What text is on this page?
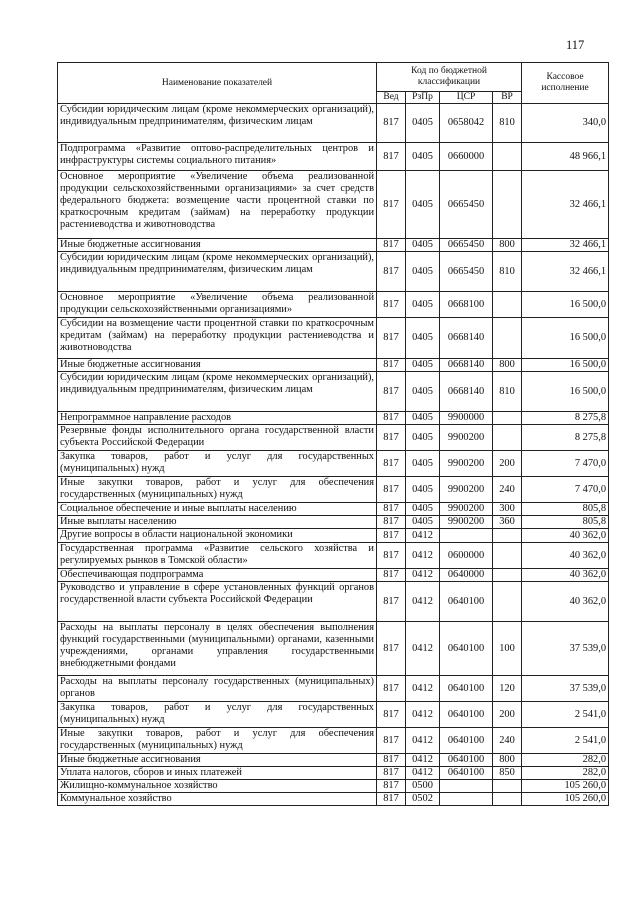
117
Наименование показателей	Код по бюджетной классификации				Кассовое исполнение
	Вед	РзПр	ЦСР	ВР	
Субсидии юридическим лицам (кроме некоммерческих организаций), индивидуальным предпринимателям, физическим лицам	817	0405	0658042	810	340,0
Подпрограмма «Развитие оптово-распределительных центров и инфраструктуры системы социального питания»	817	0405	0660000		48 966,1
Основное мероприятие «Увеличение объема реализованной продукции сельскохозяйственными организациями» за счет средств федерального бюджета: возмещение части процентной ставки по краткосрочным кредитам (займам) на переработку продукции растениеводства и животноводства	817	0405	0665450		32 466,1
Иные бюджетные ассигнования	817	0405	0665450	800	32 466,1
Субсидии юридическим лицам (кроме некоммерческих организаций), индивидуальным предпринимателям, физическим лицам	817	0405	0665450	810	32 466,1
Основное мероприятие «Увеличение объема реализованной продукции сельскохозяйственными организациями»	817	0405	0668100		16 500,0
Субсидии на возмещение части процентной ставки по краткосрочным кредитам (займам) на переработку продукции растениеводства и животноводства	817	0405	0668140		16 500,0
Иные бюджетные ассигнования	817	0405	0668140	800	16 500,0
Субсидии юридическим лицам (кроме некоммерческих организаций), индивидуальным предпринимателям, физическим лицам	817	0405	0668140	810	16 500,0
Непрограммное направление расходов	817	0405	9900000		8 275,8
Резервные фонды исполнительного органа государственной власти субъекта Российской Федерации	817	0405	9900200		8 275,8
Закупка товаров, работ и услуг для государственных (муниципальных) нужд	817	0405	9900200	200	7 470,0
Иные закупки товаров, работ и услуг для обеспечения государственных (муниципальных) нужд	817	0405	9900200	240	7 470,0
Социальное обеспечение и иные выплаты населению	817	0405	9900200	300	805,8
Иные выплаты населению	817	0405	9900200	360	805,8
Другие вопросы в области национальной экономики	817	0412			40 362,0
Государственная программа «Развитие сельского хозяйства и регулируемых рынков в Томской области»	817	0412	0600000		40 362,0
Обеспечивающая подпрограмма	817	0412	0640000		40 362,0
Руководство и управление в сфере установленных функций органов государственной власти субъекта Российской Федерации	817	0412	0640100		40 362,0
Расходы на выплаты персоналу в целях обеспечения выполнения функций государственными (муниципальными) органами, казенными учреждениями, органами управления государственными внебюджетными фондами	817	0412	0640100	100	37 539,0
Расходы на выплаты персоналу государственных (муниципальных) органов	817	0412	0640100	120	37 539,0
Закупка товаров, работ и услуг для государственных (муниципальных) нужд	817	0412	0640100	200	2 541,0
Иные закупки товаров, работ и услуг для обеспечения государственных (муниципальных) нужд	817	0412	0640100	240	2 541,0
Иные бюджетные ассигнования	817	0412	0640100	800	282,0
Уплата налогов, сборов и иных платежей	817	0412	0640100	850	282,0
Жилищно-коммунальное хозяйство	817	0500			105 260,0
Коммунальное хозяйство	817	0502			105 260,0
